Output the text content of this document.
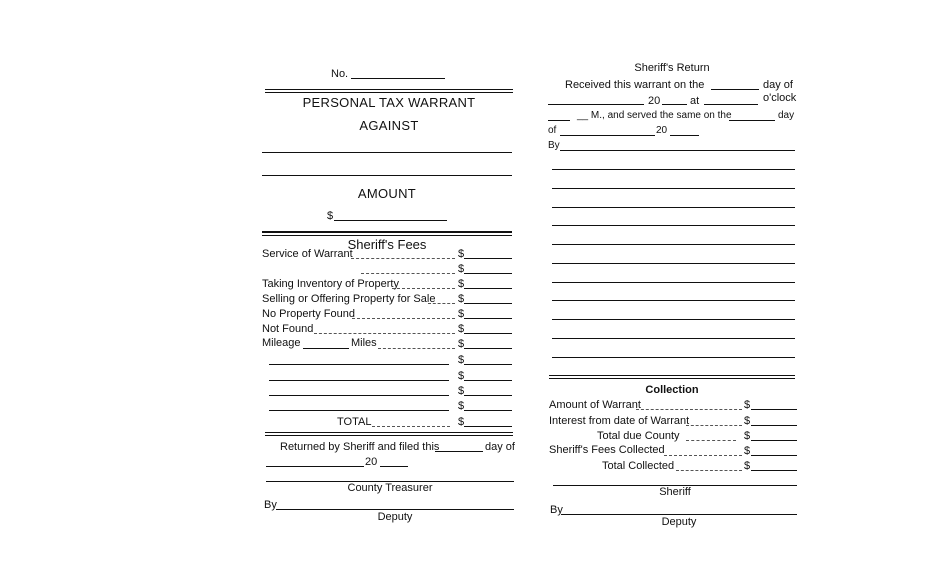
No.
PERSONAL TAX WARRANT
AGAINST
AMOUNT
$
Sheriff's Fees
Service of Warrant	$
$
Taking Inventory of Property	$
Selling or Offering Property for Sale $
No Property Found	$
Not Found	$
Mileage	Miles	$
$
$
$
$
TOTAL	$
Returned by Sheriff and filed this	day of
20
County Treasurer
By
Deputy
Sheriff's Return
Received this warrant on the	day of
20	at	o'clock
__ M., and served the same on the	day
of	20
By
Collection
Amount of Warrant	$
Interest from date of Warrant	$
Total due County	$
Sheriff's Fees Collected	$
Total Collected	$
Sheriff
By
Deputy
